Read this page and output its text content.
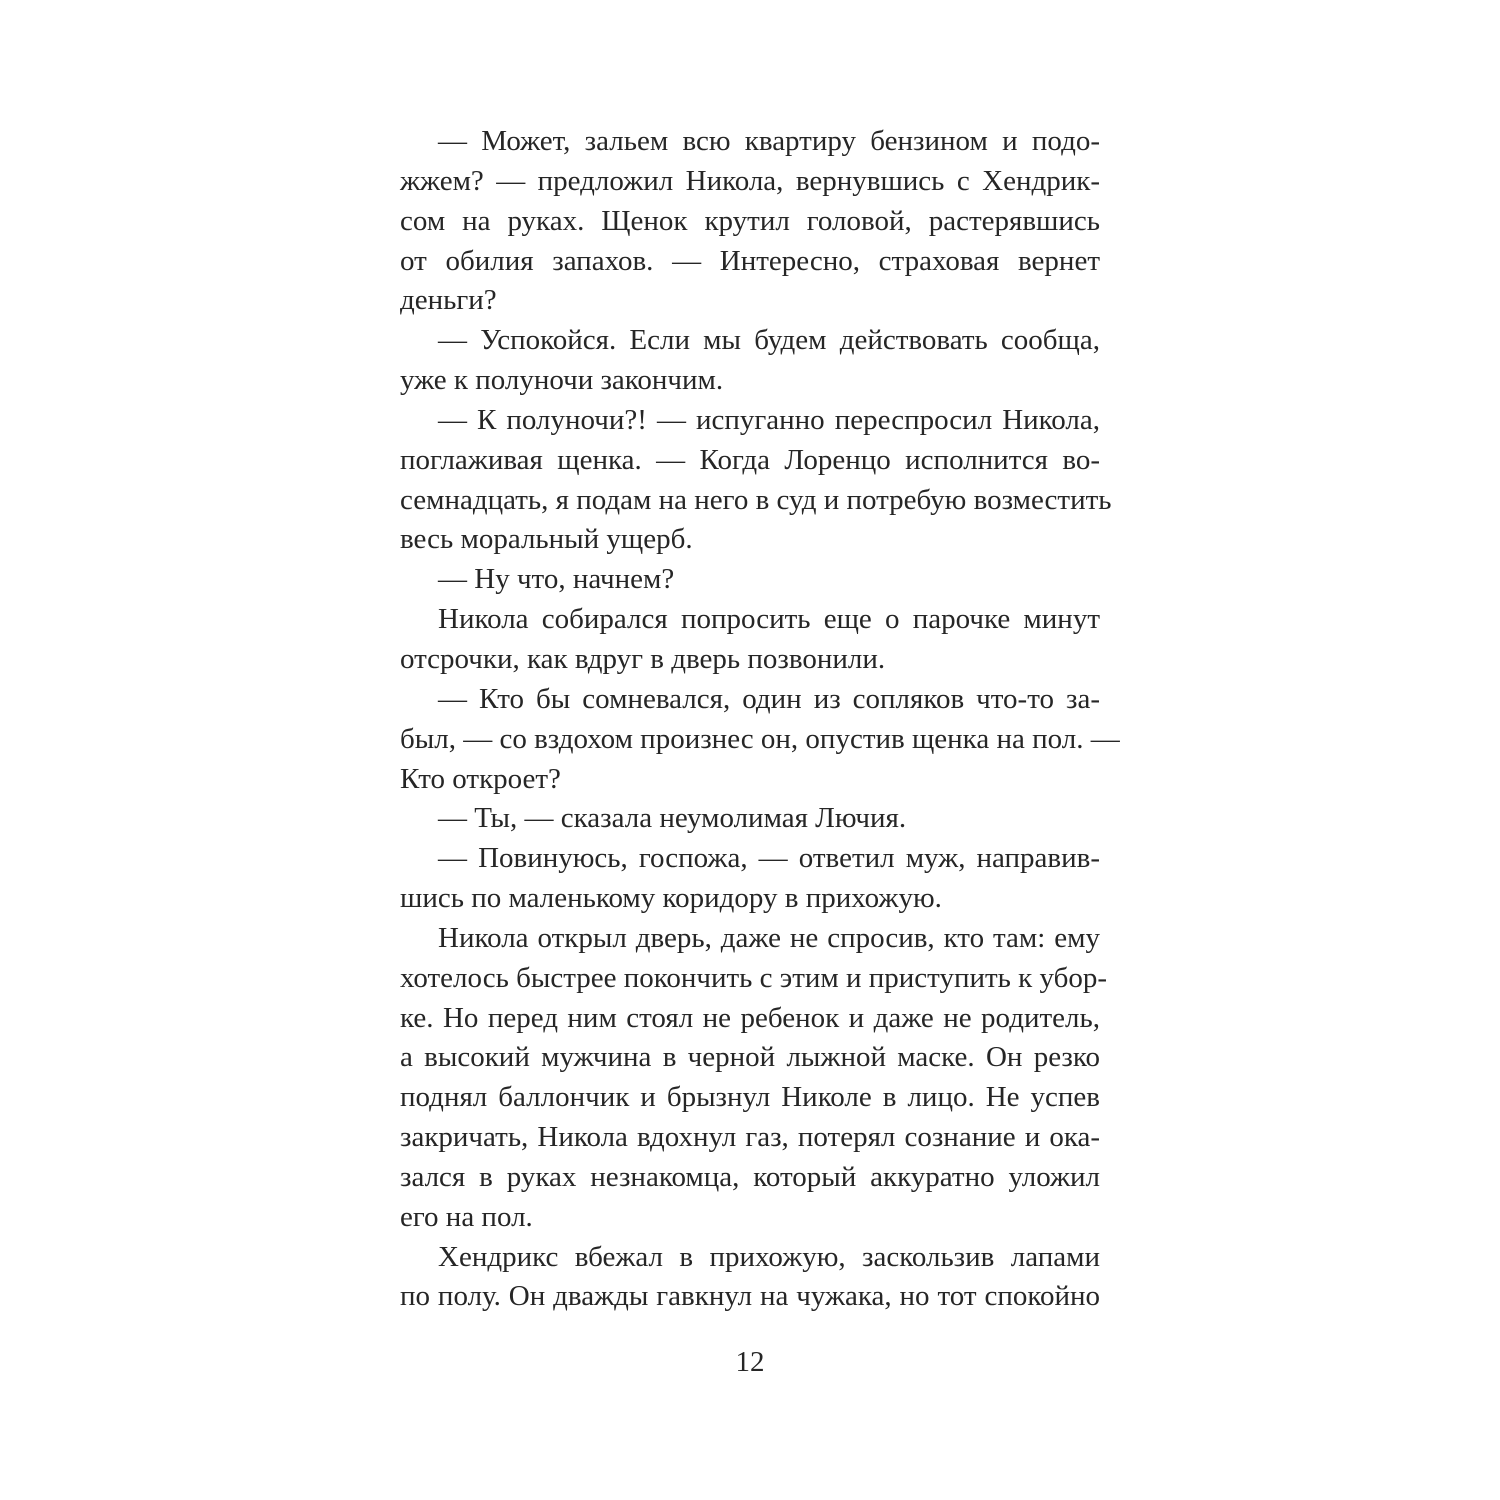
— Может, зальем всю квартиру бензином и подо-
жжем? — предложил Никола, вернувшись с Хендрик-
сом на руках. Щенок крутил головой, растерявшись
от обилия запахов. — Интересно, страховая вернет
деньги?
— Успокойся. Если мы будем действовать сообща,
уже к полуночи закончим.
— К полуночи?! — испуганно переспросил Никола,
поглаживая щенка. — Когда Лоренцо исполнится во-
семнадцать, я подам на него в суд и потребую возместить
весь моральный ущерб.
— Ну что, начнем?
Никола собирался попросить еще о парочке минут
отсрочки, как вдруг в дверь позвонили.
— Кто бы сомневался, один из сопляков что-то за-
был, — со вздохом произнес он, опустив щенка на пол. —
Кто откроет?
— Ты, — сказала неумолимая Лючия.
— Повинуюсь, госпожа, — ответил муж, направив-
шись по маленькому коридору в прихожую.
Никола открыл дверь, даже не спросив, кто там: ему
хотелось быстрее покончить с этим и приступить к убор-
ке. Но перед ним стоял не ребенок и даже не родитель,
а высокий мужчина в черной лыжной маске. Он резко
поднял баллончик и брызнул Николе в лицо. Не успев
закричать, Никола вдохнул газ, потерял сознание и ока-
зался в руках незнакомца, который аккуратно уложил
его на пол.
Хендрикс вбежал в прихожую, заскользив лапами
по полу. Он дважды гавкнул на чужака, но тот спокойно
12
